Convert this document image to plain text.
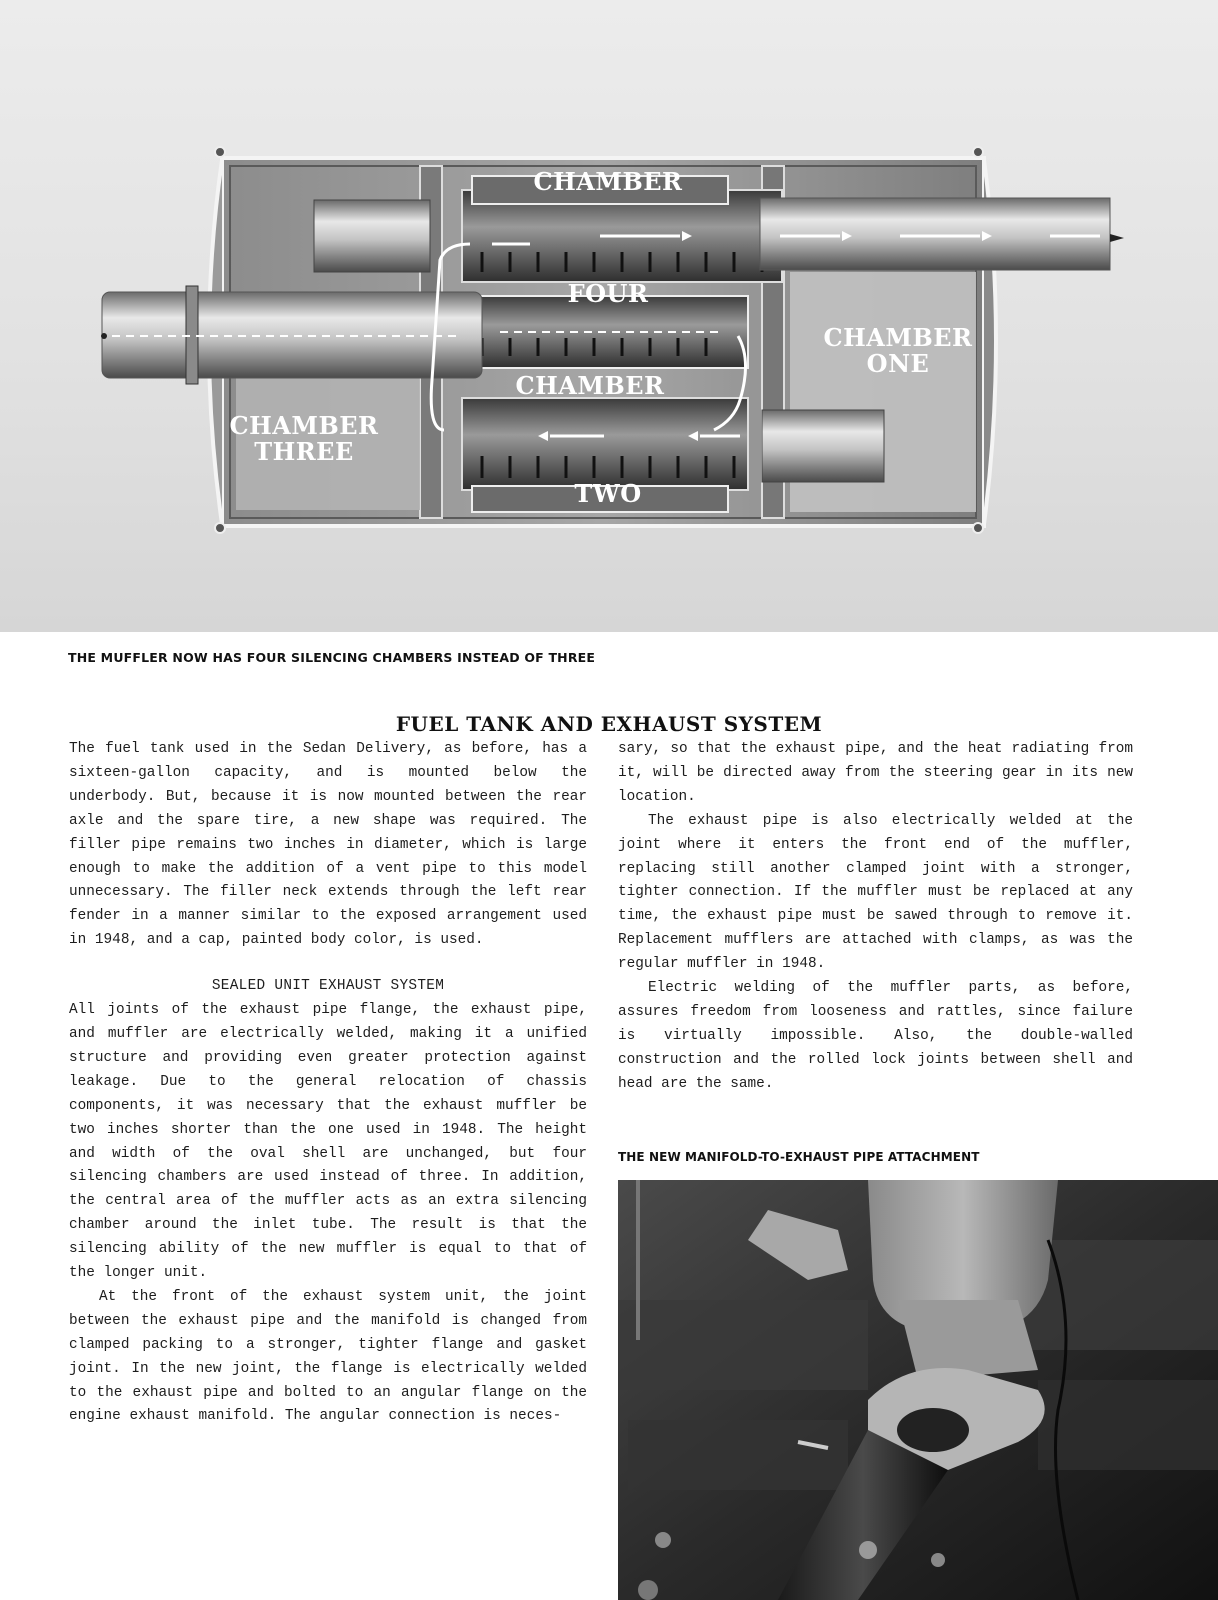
CHAMBER
FOUR
CHAMBER
TWO
CHAMBER
ONE
CHAMBER
THREE
THE MUFFLER NOW HAS FOUR SILENCING CHAMBERS INSTEAD OF THREE
FUEL TANK AND EXHAUST SYSTEM

The fuel tank used in the Sedan Delivery, as before, has a sixteen-gallon capacity, and is mounted below the underbody. But, because it is now mounted between the rear axle and the spare tire, a new shape was required. The filler pipe remains two inches in diameter, which is large enough to make the addition of a vent pipe to this model unnecessary. The filler neck extends through the left rear fender in a manner similar to the exposed arrangement used in 1948, and a cap, painted body color, is used.

SEALED UNIT EXHAUST SYSTEM

All joints of the exhaust pipe flange, the exhaust pipe, and muffler are electrically welded, making it a unified structure and providing even greater protection against leakage. Due to the general relocation of chassis components, it was necessary that the exhaust muffler be two inches shorter than the one used in 1948. The height and width of the oval shell are unchanged, but four silencing chambers are used instead of three. In addition, the central area of the muffler acts as an extra silencing chamber around the inlet tube. The result is that the silencing ability of the new muffler is equal to that of the longer unit.

At the front of the exhaust system unit, the joint between the exhaust pipe and the manifold is changed from clamped packing to a stronger, tighter flange and gasket joint. In the new joint, the flange is electrically welded to the exhaust pipe and bolted to an angular flange on the engine exhaust manifold. The angular connection is neces-

sary, so that the exhaust pipe, and the heat radiating from it, will be directed away from the steering gear in its new location.

The exhaust pipe is also electrically welded at the joint where it enters the front end of the muffler, replacing still another clamped joint with a stronger, tighter connection. If the muffler must be replaced at any time, the exhaust pipe must be sawed through to remove it. Replacement mufflers are attached with clamps, as was the regular muffler in 1948.

Electric welding of the muffler parts, as before, assures freedom from looseness and rattles, since failure is virtually impossible. Also, the double-walled construction and the rolled lock joints between shell and head are the same.

THE NEW MANIFOLD-TO-EXHAUST PIPE ATTACHMENT
